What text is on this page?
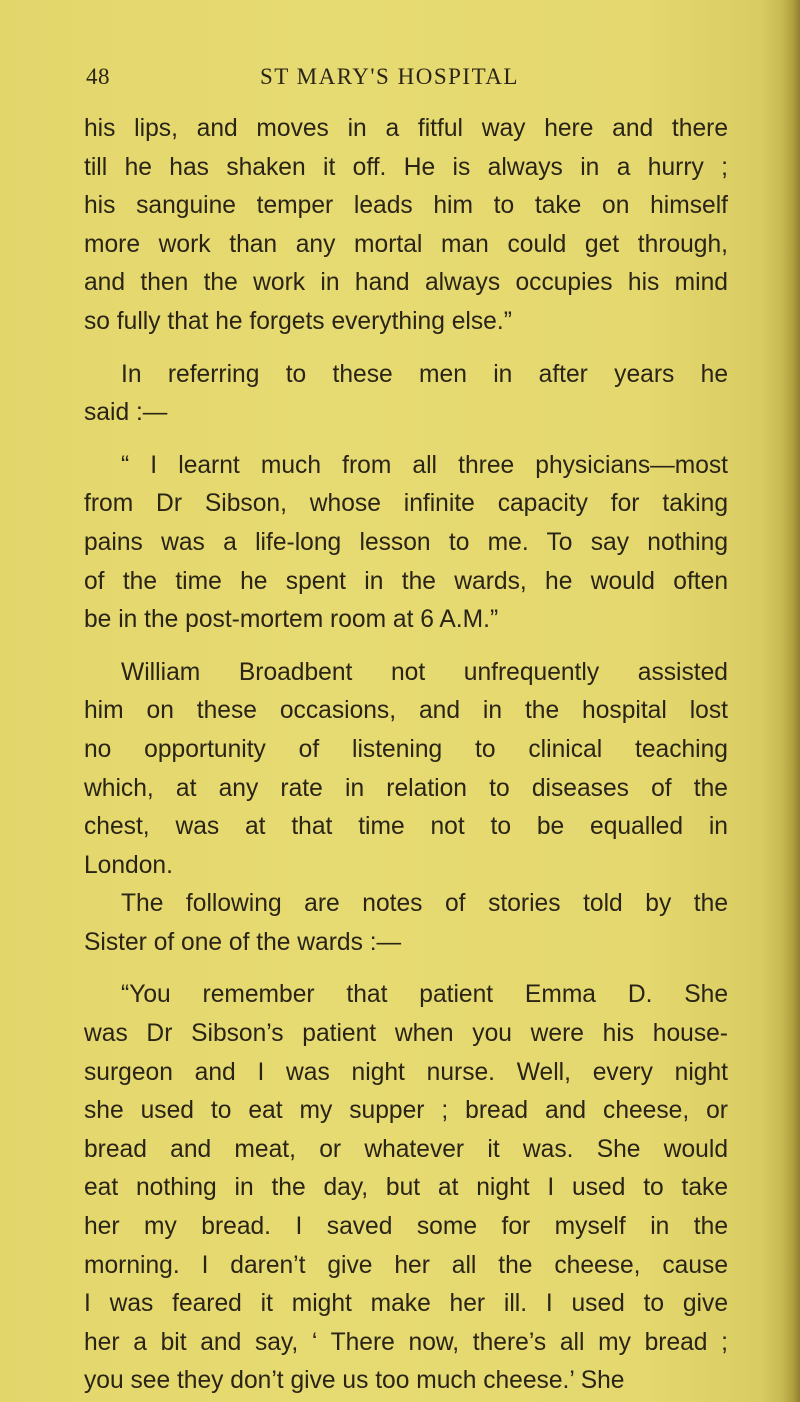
48	ST MARY'S HOSPITAL
his lips, and moves in a fitful way here and there
till he has shaken it off. He is always in a hurry ;
his sanguine temper leads him to take on himself
more work than any mortal man could get through,
and then the work in hand always occupies his mind
so fully that he forgets everything else.”
In referring to these men in after years he
said :—
“ I learnt much from all three physicians—most
from Dr Sibson, whose infinite capacity for taking
pains was a life-long lesson to me. To say nothing
of the time he spent in the wards, he would often
be in the post-mortem room at 6 A.M.”
William Broadbent not unfrequently assisted
him on these occasions, and in the hospital lost
no opportunity of listening to clinical teaching
which, at any rate in relation to diseases of the
chest, was at that time not to be equalled in
London.
The following are notes of stories told by the
Sister of one of the wards :—
“You remember that patient Emma D. She
was Dr Sibson’s patient when you were his house-
surgeon and I was night nurse. Well, every night
she used to eat my supper ; bread and cheese, or
bread and meat, or whatever it was. She would
eat nothing in the day, but at night I used to take
her my bread. I saved some for myself in the
morning. I daren’t give her all the cheese, cause
I was feared it might make her ill. I used to give
her a bit and say, ‘ There now, there’s all my bread ;
you see they don’t give us too much cheese.’ She
